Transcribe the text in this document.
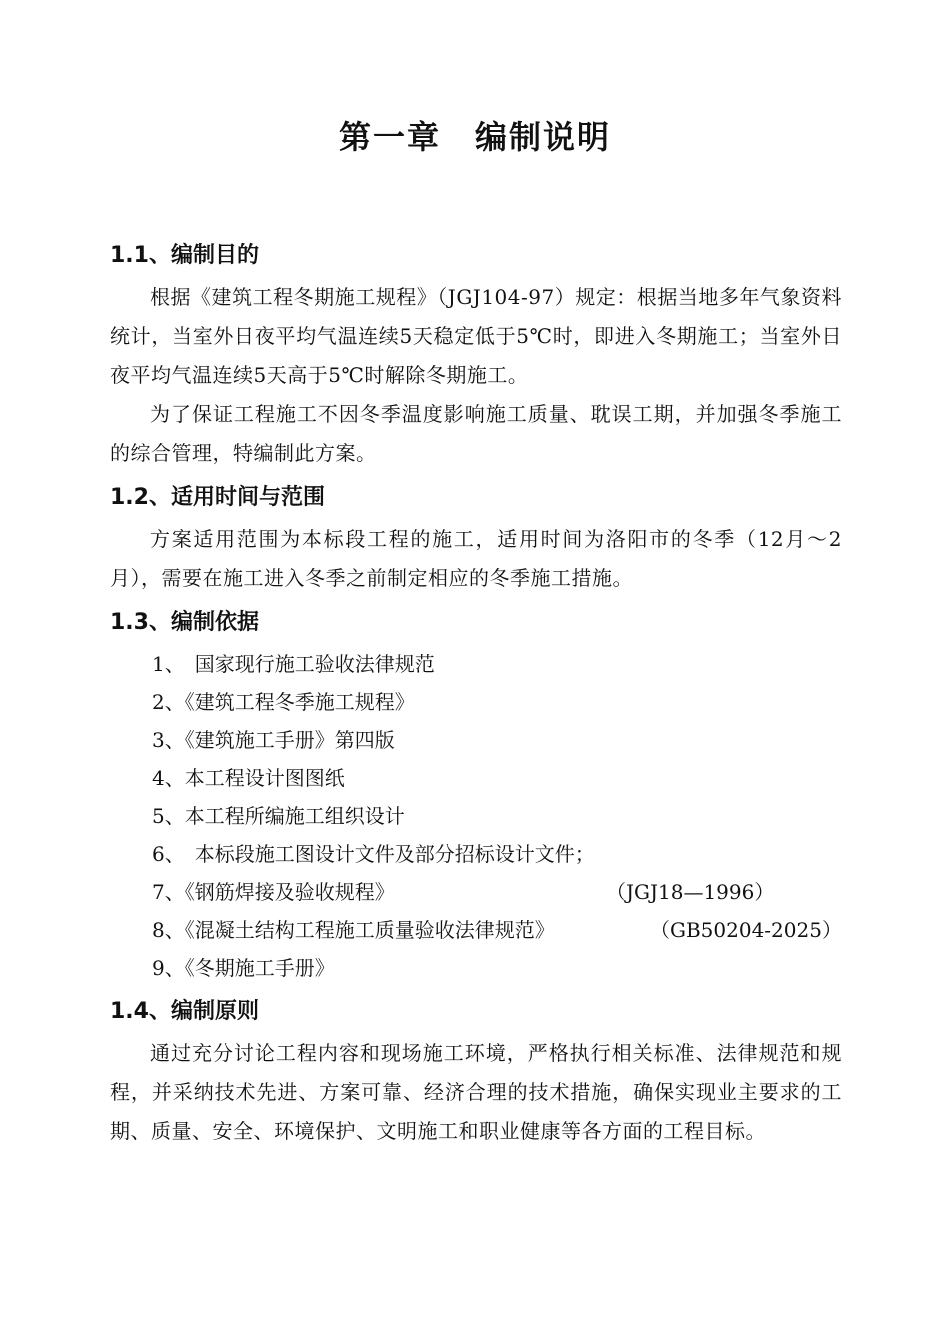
第一章　编制说明
1.1、编制目的

根据《建筑工程冬期施工规程》（JGJ104-97）规定：根据当地多年气象资料统计，当室外日夜平均气温连续5天稳定低于5℃时，即进入冬期施工；当室外日夜平均气温连续5天高于5℃时解除冬期施工。

为了保证工程施工不因冬季温度影响施工质量、耽误工期，并加强冬季施工的综合管理，特编制此方案。

1.2、适用时间与范围

方案适用范围为本标段工程的施工，适用时间为洛阳市的冬季（12月～2月），需要在施工进入冬季之前制定相应的冬季施工措施。

1.3、编制依据
1、　国家现行施工验收法律规范
2、《建筑工程冬季施工规程》
3、《建筑施工手册》第四版
4、本工程设计图图纸
5、本工程所编施工组织设计
6、　本标段施工图设计文件及部分招标设计文件；
7、《钢筋焊接及验收规程》	（JGJ18—1996）
8、《混凝土结构工程施工质量验收法律规范》	（GB50204-2025）
9、《冬期施工手册》
1.4、编制原则

通过充分讨论工程内容和现场施工环境，严格执行相关标准、法律规范和规程，并采纳技术先进、方案可靠、经济合理的技术措施，确保实现业主要求的工期、质量、安全、环境保护、文明施工和职业健康等各方面的工程目标。
